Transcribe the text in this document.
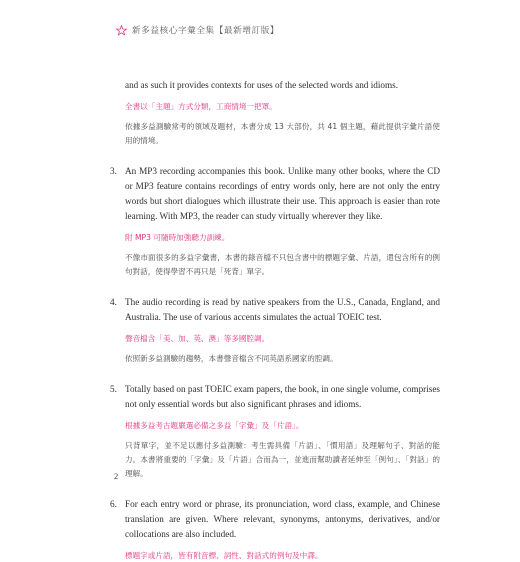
新多益核心字彙全集【最新增訂版】

and as such it provides contexts for uses of the selected words and idioms.

全書以「主題」方式分類，工商情境一把罩。

依據多益測驗常考的領域及題材，本書分成 13 大部份，共 41 個主題，藉此提供字彙片語使用的情境。

3. An MP3 recording accompanies this book. Unlike many other books, where the CD or MP3 feature contains recordings of entry words only, here are not only the entry words but short dialogues which illustrate their use. This approach is easier than rote learning. With MP3, the reader can study virtually wherever they like.

附 MP3 可隨時加強聽力訓練。

不像市面很多的多益字彙書，本書的錄音檔不只包含書中的標題字彙、片語，還包含所有的例句對話，使得學習不再只是「死背」單字。

4. The audio recording is read by native speakers from the U.S., Canada, England, and Australia. The use of various accents simulates the actual TOEIC test.

聲音檔含「美、加、英、澳」等多國腔調。

依照新多益測驗的趨勢，本書聲音檔含不同英語系國家的腔調。

5. Totally based on past TOEIC exam papers, the book, in one single volume, comprises not only essential words but also significant phrases and idioms.

根據多益考古題嚴選必備之多益「字彙」及「片語」。

只背單字，並不足以應付多益測驗：考生需具備「片語」、「慣用語」及理解句子、對話的能力。本書將重要的「字彙」及「片語」合而為一，並進而幫助讀者延伸至「例句」、「對話」的理解。

6. For each entry word or phrase, its pronunciation, word class, example, and Chinese translation are given. Where relevant, synonyms, antonyms, derivatives, and/or collocations are also included.

標題字或片語，皆有附音標、詞性、對話式的例句及中譯。

2
